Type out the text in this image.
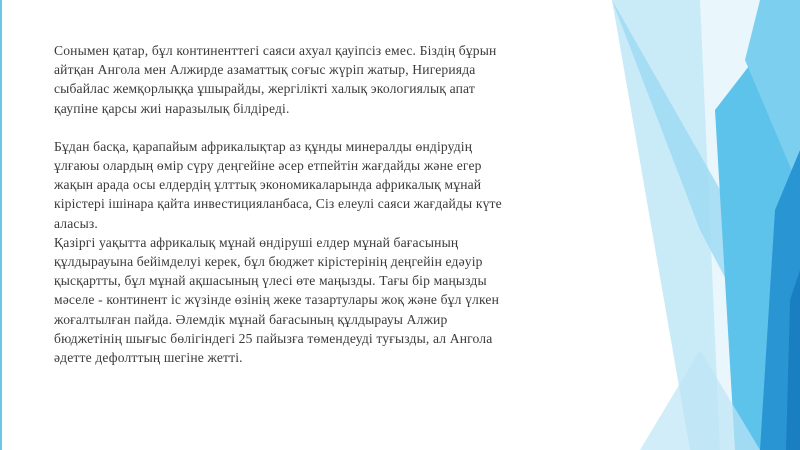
Сонымен қатар, бұл континенттегі саяси ахуал қауіпсіз емес. Біздің бұрын
айтқан Ангола мен Алжирде азаматтық соғыс жүріп жатыр, Нигерияда
сыбайлас жемқорлыққа ұшырайды, жергілікті халық экологиялық апат
қаупіне қарсы жиі наразылық білдіреді.

Бұдан басқа, қарапайым африкалықтар аз құнды минералды өндірудің
ұлғаюы олардың өмір сүру деңгейіне әсер етпейтін жағдайды және егер
жақын арада осы елдердің ұлттық экономикаларында африкалық мұнай
кірістері ішінара қайта инвестицияланбаса, Сіз елеулі саяси жағдайды күте
аласыз.

Қазіргі уақытта африкалық мұнай өндіруші елдер мұнай бағасының
құлдырауына бейімделуі керек, бұл бюджет кірістерінің деңгейін едәуір
қысқартты, бұл мұнай ақшасының үлесі өте маңызды. Тағы бір маңызды
мәселе - континент іс жүзінде өзінің жеке тазартулары жоқ және бұл үлкен
жоғалтылған пайда. Әлемдік мұнай бағасының құлдырауы Алжир
бюджетінің шығыс бөлігіндегі 25 пайызға төмендеуді туғызды, ал Ангола
әдетте дефолттың шегіне жетті.
